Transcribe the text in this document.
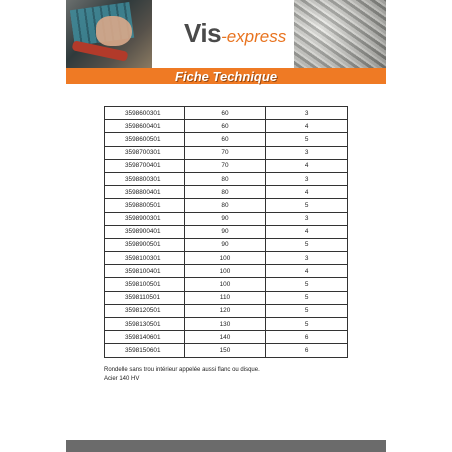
Vis-express
Fiche Technique
3598600301	60	3
3598600401	60	4
3598600501	60	5
3598700301	70	3
3598700401	70	4
3598800301	80	3
3598800401	80	4
3598800501	80	5
3598900301	90	3
3598900401	90	4
3598900501	90	5
3598100301	100	3
3598100401	100	4
3598100501	100	5
3598110501	110	5
3598120501	120	5
3598130501	130	5
3598140601	140	6
3598150601	150	6
Rondelle sans trou intérieur appelée aussi flanc ou disque.
Acier 140 HV
